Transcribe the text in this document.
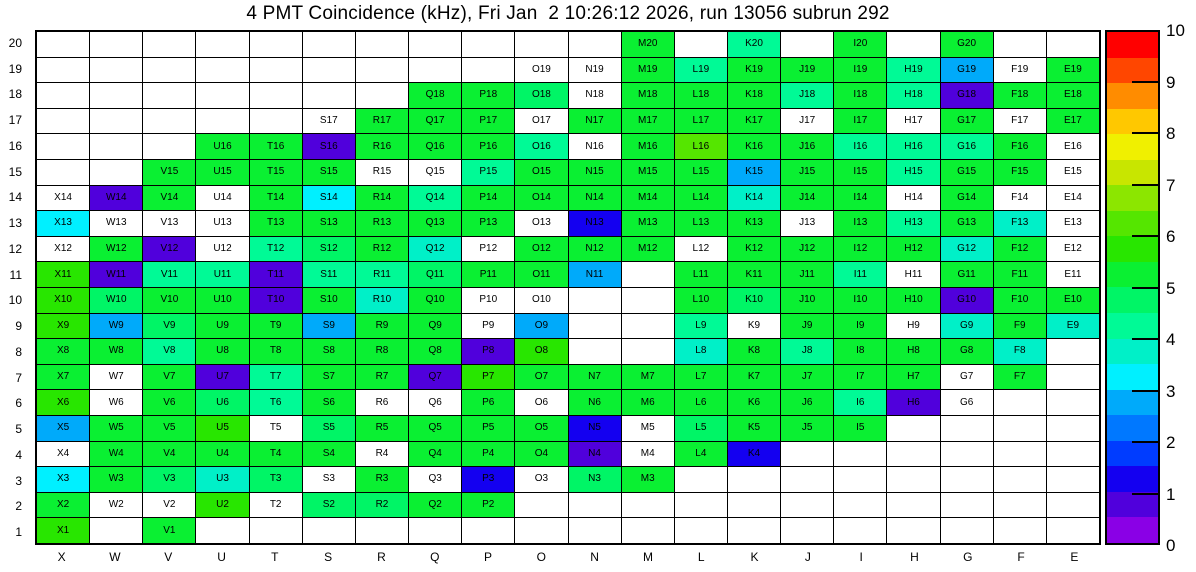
4 PMT Coincidence (kHz), Fri Jan  2 10:26:12 2026, run 13056 subrun 292
20
19
18
17
16
15
14
13
12
11
10
9
8
7
6
5
4
3
2
1
M20	K20	I20	G20
O19	N19	M19	L19	K19	J19	I19	H19	G19	F19	E19
Q18	P18	O18	N18	M18	L18	K18	J18	I18	H18	G18	F18	E18
S17	R17	Q17	P17	O17	N17	M17	L17	K17	J17	I17	H17	G17	F17	E17
U16	T16	S16	R16	Q16	P16	O16	N16	M16	L16	K16	J16	I16	H16	G16	F16	E16
V15	U15	T15	S15	R15	Q15	P15	O15	N15	M15	L15	K15	J15	I15	H15	G15	F15	E15
X14	W14	V14	U14	T14	S14	R14	Q14	P14	O14	N14	M14	L14	K14	J14	I14	H14	G14	F14	E14
X13	W13	V13	U13	T13	S13	R13	Q13	P13	O13	N13	M13	L13	K13	J13	I13	H13	G13	F13	E13
X12	W12	V12	U12	T12	S12	R12	Q12	P12	O12	N12	M12	L12	K12	J12	I12	H12	G12	F12	E12
X11	W11	V11	U11	T11	S11	R11	Q11	P11	O11	N11	L11	K11	J11	I11	H11	G11	F11	E11
X10	W10	V10	U10	T10	S10	R10	Q10	P10	O10	L10	K10	J10	I10	H10	G10	F10	E10
X9	W9	V9	U9	T9	S9	R9	Q9	P9	O9	L9	K9	J9	I9	H9	G9	F9	E9
X8	W8	V8	U8	T8	S8	R8	Q8	P8	O8	L8	K8	J8	I8	H8	G8	F8
X7	W7	V7	U7	T7	S7	R7	Q7	P7	O7	N7	M7	L7	K7	J7	I7	H7	G7	F7
X6	W6	V6	U6	T6	S6	R6	Q6	P6	O6	N6	M6	L6	K6	J6	I6	H6	G6
X5	W5	V5	U5	T5	S5	R5	Q5	P5	O5	N5	M5	L5	K5	J5	I5
X4	W4	V4	U4	T4	S4	R4	Q4	P4	O4	N4	M4	L4	K4
X3	W3	V3	U3	T3	S3	R3	Q3	P3	O3	N3	M3
X2	W2	V2	U2	T2	S2	R2	Q2	P2
X1	V1
X	W	V	U	T	S	R	Q	P	O	N	M	L	K	J	I	H	G	F	E
0
1
2
3
4
5
6
7
8
9
10
